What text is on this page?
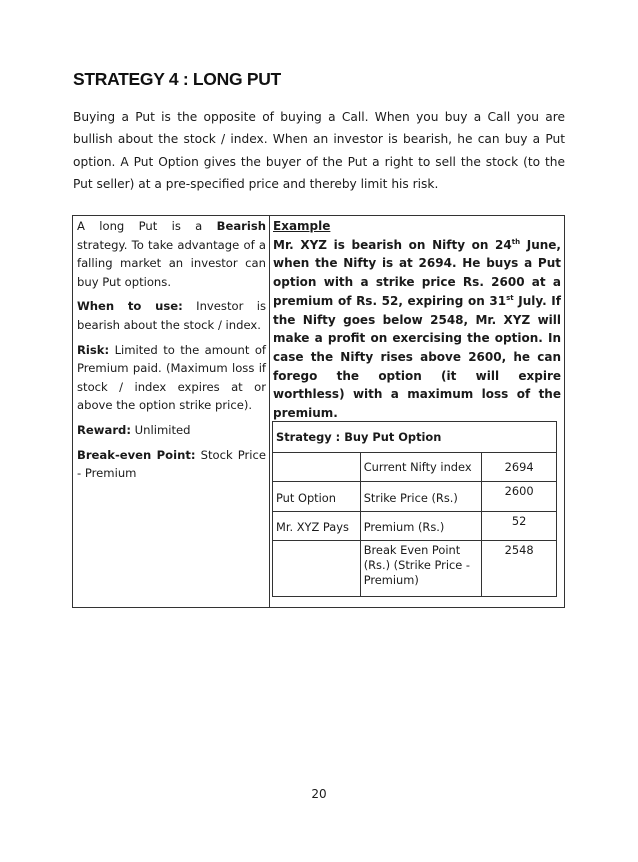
STRATEGY 4 : LONG PUT

Buying a Put is the opposite of buying a Call. When you buy a Call you are bullish about the stock / index. When an investor is bearish, he can buy a Put option. A Put Option gives the buyer of the Put a right to sell the stock (to the Put seller) at a pre-specified price and thereby limit his risk.

A long Put is a Bearish strategy. To take advantage of a falling market an investor can buy Put options.

When to use: Investor is bearish about the stock / index.

Risk: Limited to the amount of Premium paid. (Maximum loss if stock / index expires at or above the option strike price).

Reward: Unlimited

Break-even Point: Stock Price - Premium

Example

Mr. XYZ is bearish on Nifty on 24th June, when the Nifty is at 2694. He buys a Put option with a strike price Rs. 2600 at a premium of Rs. 52, expiring on 31st July. If the Nifty goes below 2548, Mr. XYZ will make a profit on exercising the option. In case the Nifty rises above 2600, he can forego the option (it will expire worthless) with a maximum loss of the premium.

Strategy : Buy Put Option		
	Current Nifty index	2694
Put Option	Strike Price (Rs.)	2600
Mr. XYZ Pays	Premium (Rs.)	52
	Break Even Point (Rs.) (Strike Price - Premium)	2548
20
